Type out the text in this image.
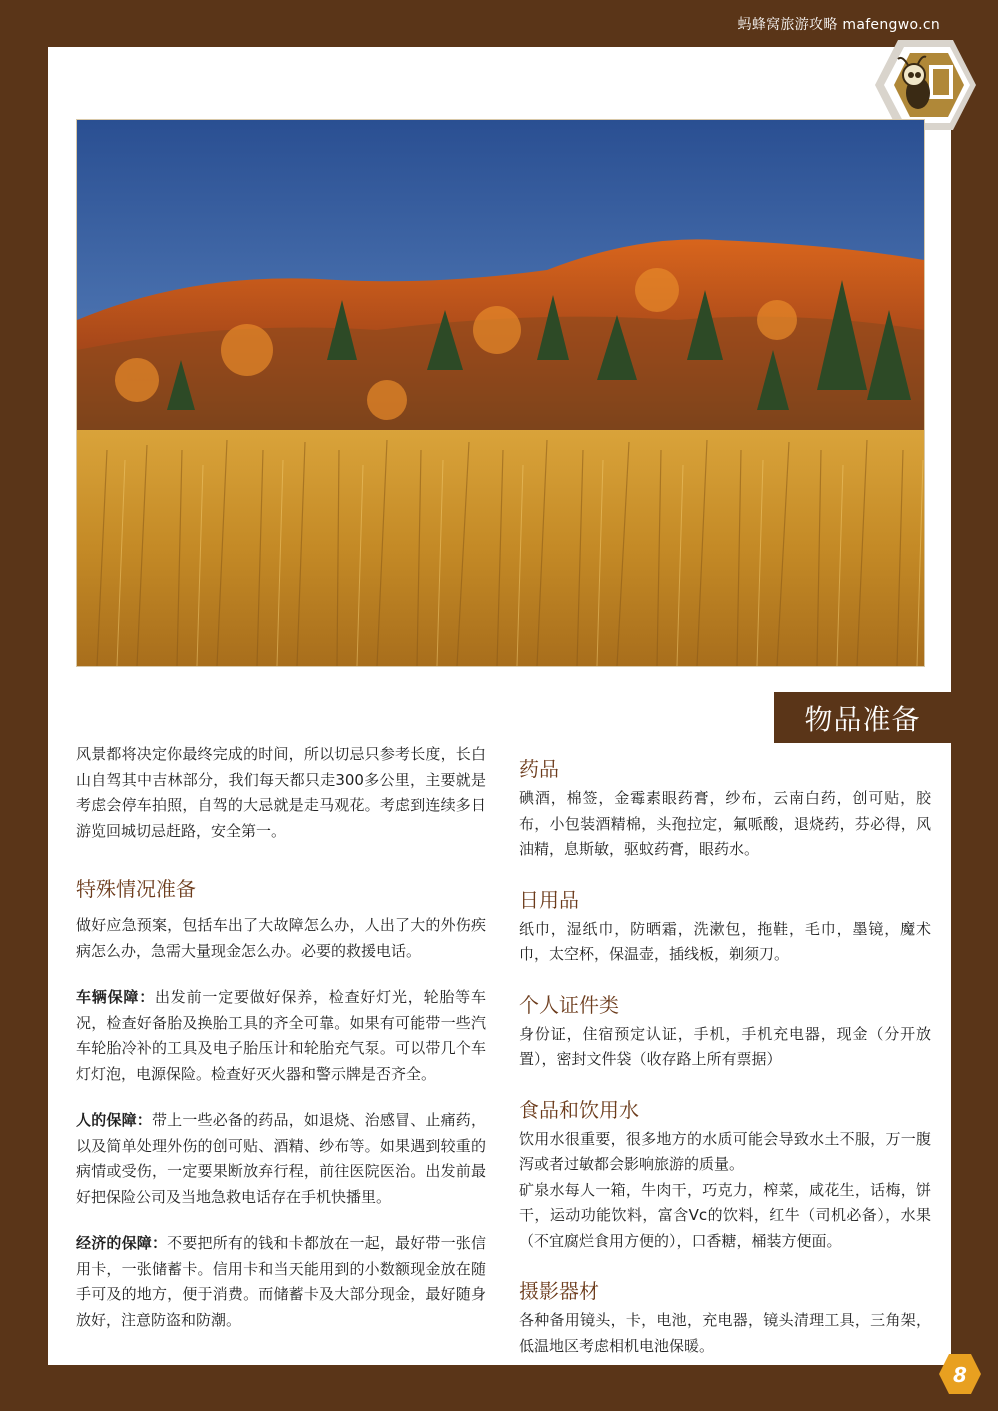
蚂蜂窝旅游攻略 mafengwo.cn
物品准备

风景都将决定你最终完成的时间，所以切忌只参考长度，长白山自驾其中吉林部分，我们每天都只走300多公里，主要就是考虑会停车拍照，自驾的大忌就是走马观花。考虑到连续多日游览回城切忌赶路，安全第一。

特殊情况准备

做好应急预案，包括车出了大故障怎么办，人出了大的外伤疾病怎么办，急需大量现金怎么办。必要的救援电话。

车辆保障：出发前一定要做好保养，检查好灯光，轮胎等车况，检查好备胎及换胎工具的齐全可靠。如果有可能带一些汽车轮胎冷补的工具及电子胎压计和轮胎充气泵。可以带几个车灯灯泡，电源保险。检查好灭火器和警示牌是否齐全。

人的保障：带上一些必备的药品，如退烧、治感冒、止痛药，以及简单处理外伤的创可贴、酒精、纱布等。如果遇到较重的病情或受伤，一定要果断放弃行程，前往医院医治。出发前最好把保险公司及当地急救电话存在手机快播里。

经济的保障：不要把所有的钱和卡都放在一起，最好带一张信用卡，一张储蓄卡。信用卡和当天能用到的小数额现金放在随手可及的地方，便于消费。而储蓄卡及大部分现金，最好随身放好，注意防盗和防潮。

药品

碘酒，棉签，金霉素眼药膏，纱布，云南白药，创可贴，胶布，小包装酒精棉，头孢拉定，氟哌酸，退烧药，芬必得，风油精，息斯敏，驱蚊药膏，眼药水。

日用品

纸巾，湿纸巾，防晒霜，洗漱包，拖鞋，毛巾，墨镜，魔术巾，太空杯，保温壶，插线板，剃须刀。

个人证件类

身份证，住宿预定认证，手机，手机充电器，现金（分开放置），密封文件袋（收存路上所有票据）

食品和饮用水

饮用水很重要，很多地方的水质可能会导致水土不服，万一腹泻或者过敏都会影响旅游的质量。

矿泉水每人一箱，牛肉干，巧克力，榨菜，咸花生，话梅，饼干，运动功能饮料，富含Vc的饮料，红牛（司机必备），水果（不宜腐烂食用方便的），口香糖，桶装方便面。

摄影器材

各种备用镜头，卡，电池，充电器，镜头清理工具，三角架，低温地区考虑相机电池保暖。

8
